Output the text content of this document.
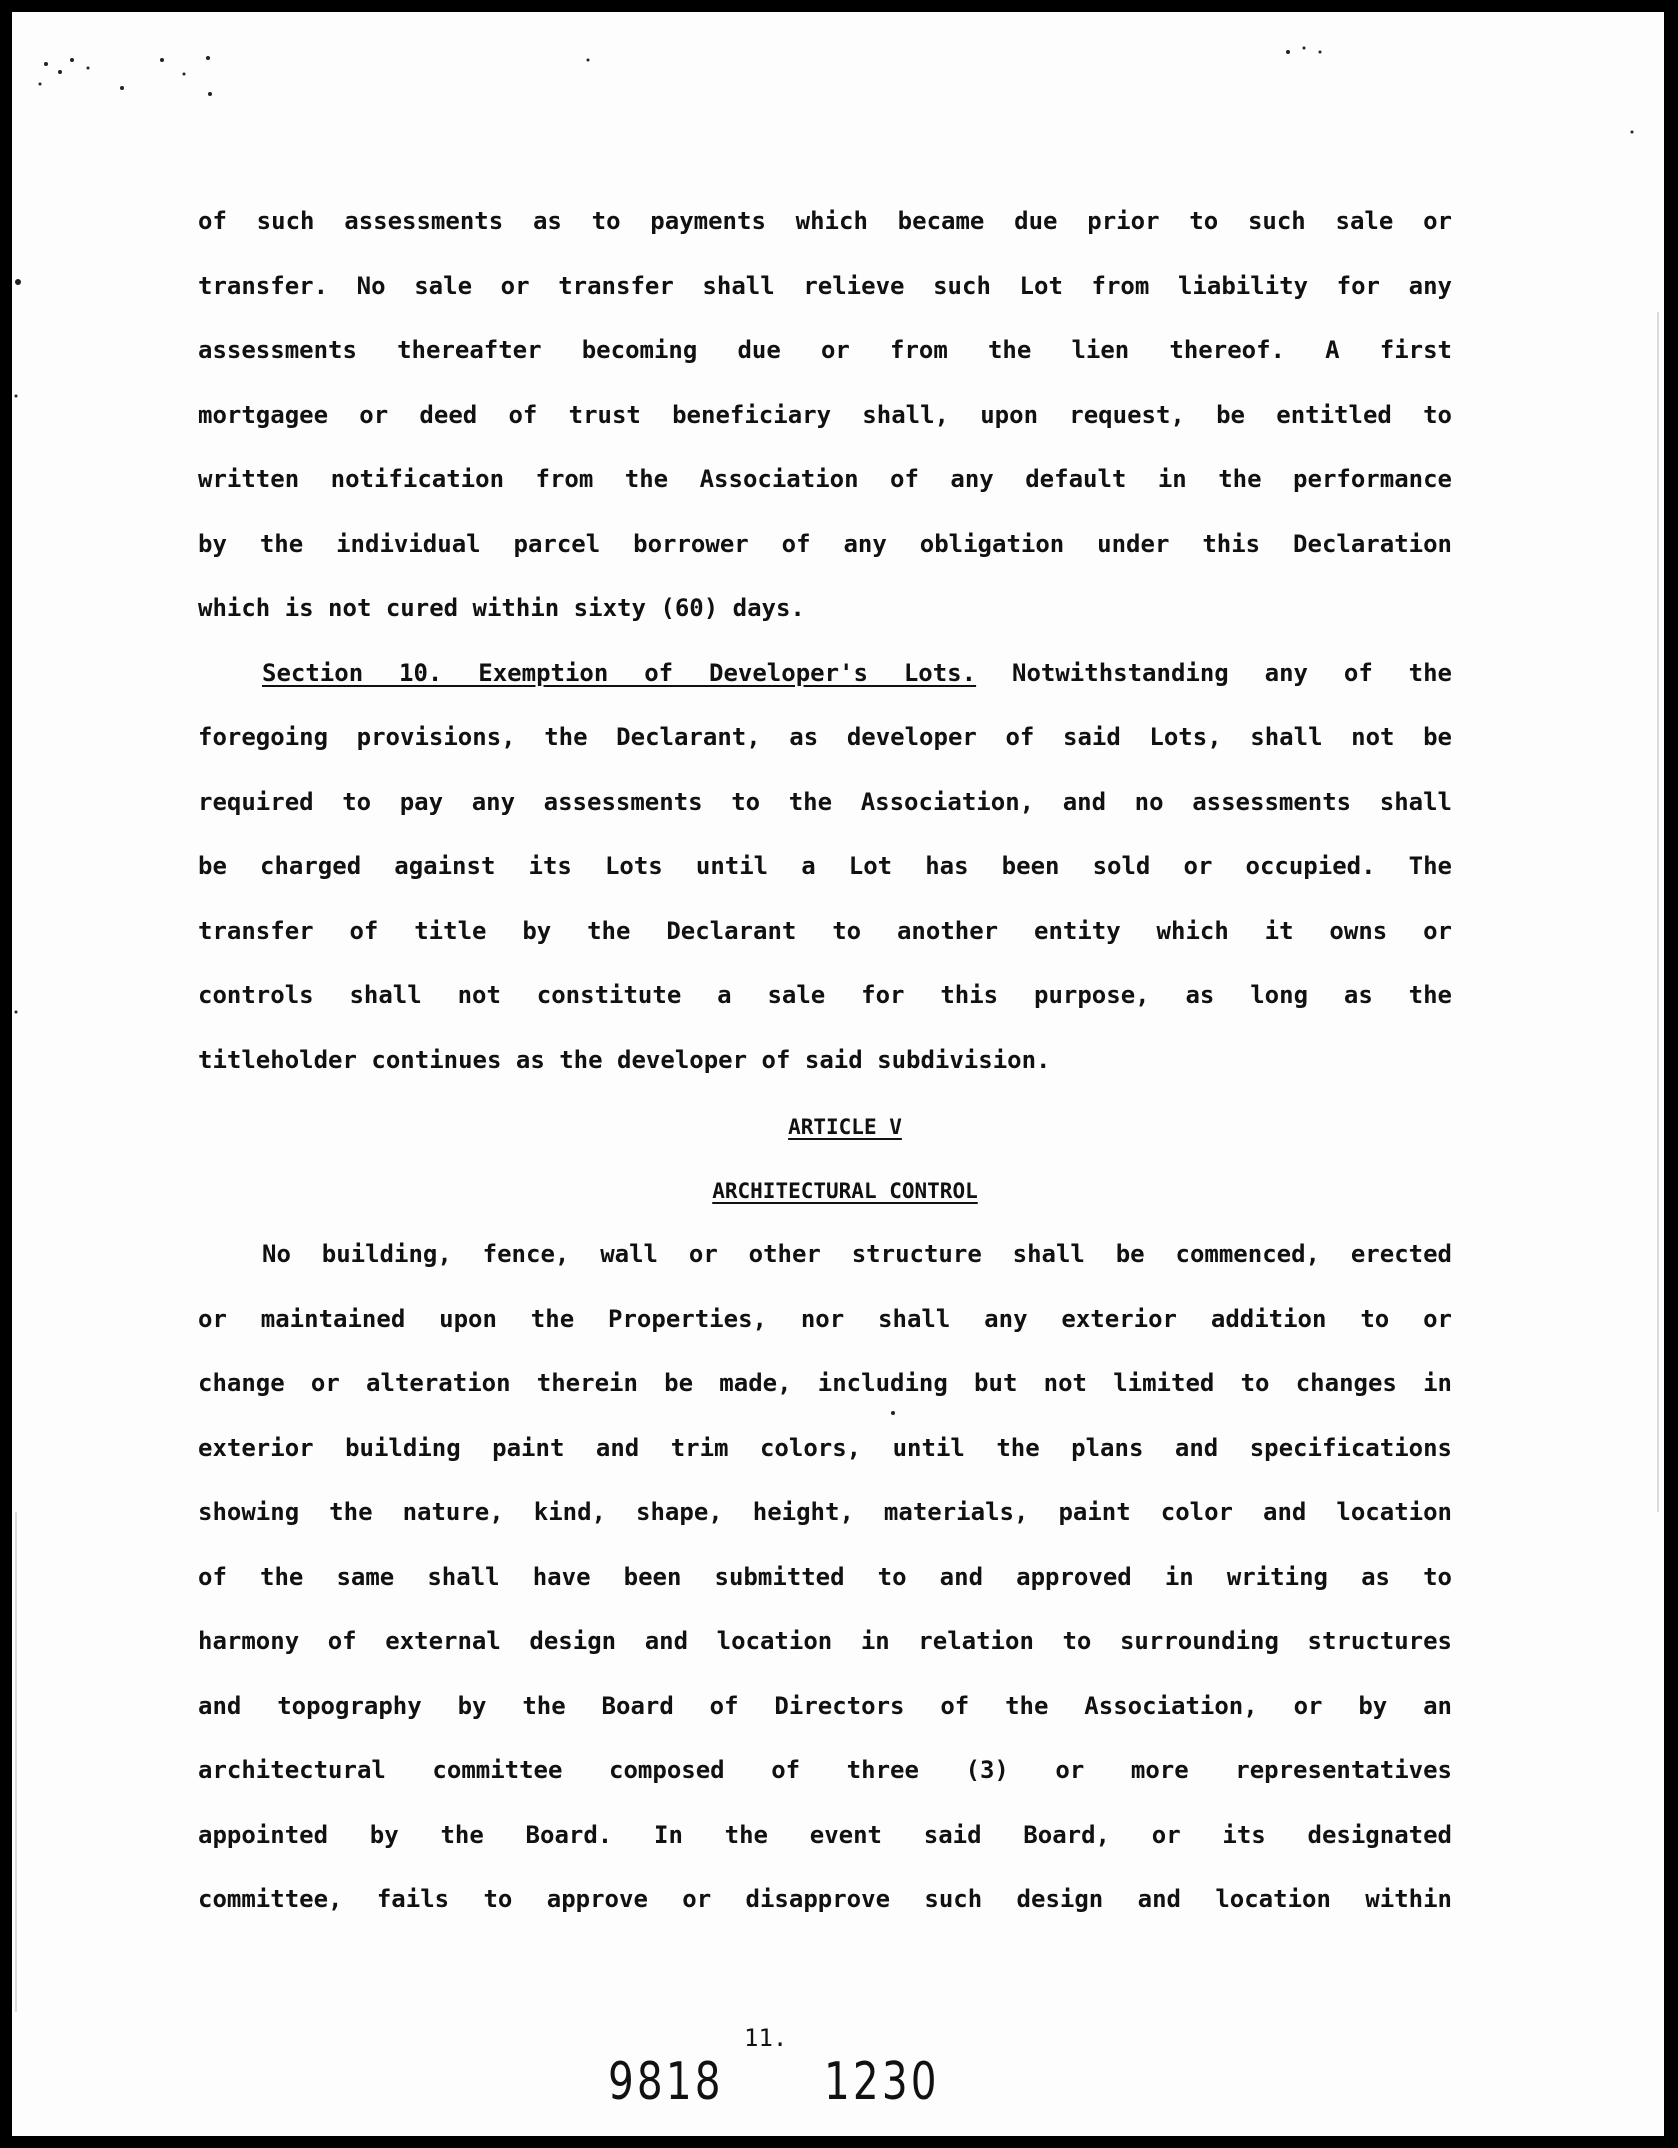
of such assessments as to payments which became due prior to such sale or
transfer. No sale or transfer shall relieve such Lot from liability for any
assessments thereafter becoming due or from the lien thereof. A first
mortgagee or deed of trust beneficiary shall, upon request, be entitled to
written notification from the Association of any default in the performance
by the individual parcel borrower of any obligation under this Declaration
which is not cured within sixty (60) days.
Section 10. Exemption of Developer's Lots. Notwithstanding any of the
foregoing provisions, the Declarant, as developer of said Lots, shall not be
required to pay any assessments to the Association, and no assessments shall
be charged against its Lots until a Lot has been sold or occupied. The
transfer of title by the Declarant to another entity which it owns or
controls shall not constitute a sale for this purpose, as long as the
titleholder continues as the developer of said subdivision.
ARTICLE V
ARCHITECTURAL CONTROL
No building, fence, wall or other structure shall be commenced, erected
or maintained upon the Properties, nor shall any exterior addition to or
change or alteration therein be made, including but not limited to changes in
exterior building paint and trim colors, until the plans and specifications
showing the nature, kind, shape, height, materials, paint color and location
of the same shall have been submitted to and approved in writing as to
harmony of external design and location in relation to surrounding structures
and topography by the Board of Directors of the Association, or by an
architectural committee composed of three (3) or more representatives
appointed by the Board. In the event said Board, or its designated
committee, fails to approve or disapprove such design and location within
11.
9818 1230
